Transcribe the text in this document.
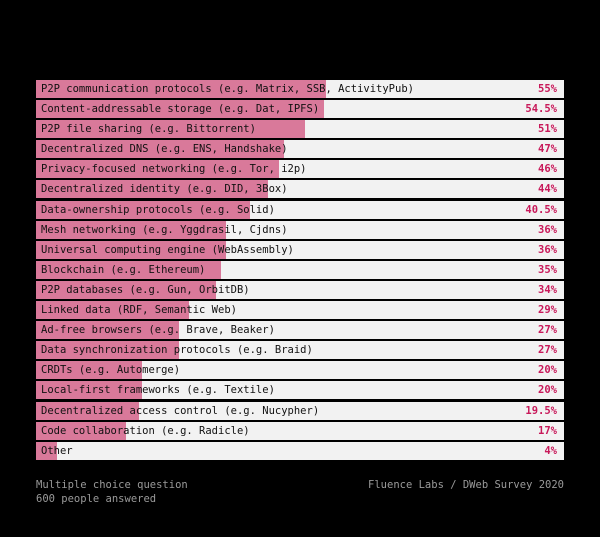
P2P communication protocols (e.g. Matrix, SSB, ActivityPub)	55%
Content-addressable storage (e.g. Dat, IPFS)	54.5%
P2P file sharing (e.g. Bittorrent)	51%
Decentralized DNS (e.g. ENS, Handshake)	47%
Privacy-focused networking (e.g. Tor, i2p)	46%
Decentralized identity (e.g. DID, 3Box)	44%
Data-ownership protocols (e.g. Solid)	40.5%
Mesh networking (e.g. Yggdrasil, Cjdns)	36%
Universal computing engine (WebAssembly)	36%
Blockchain (e.g. Ethereum)	35%
P2P databases (e.g. Gun, OrbitDB)	34%
Linked data (RDF, Semantic Web)	29%
Ad-free browsers (e.g. Brave, Beaker)	27%
Data synchronization protocols (e.g. Braid)	27%
CRDTs (e.g. Automerge)	20%
Local-first frameworks (e.g. Textile)	20%
Decentralized access control (e.g. Nucypher)	19.5%
Code collaboration (e.g. Radicle)	17%
Other	4%
Multiple choice question
600 people answered
Fluence Labs / DWeb Survey 2020
